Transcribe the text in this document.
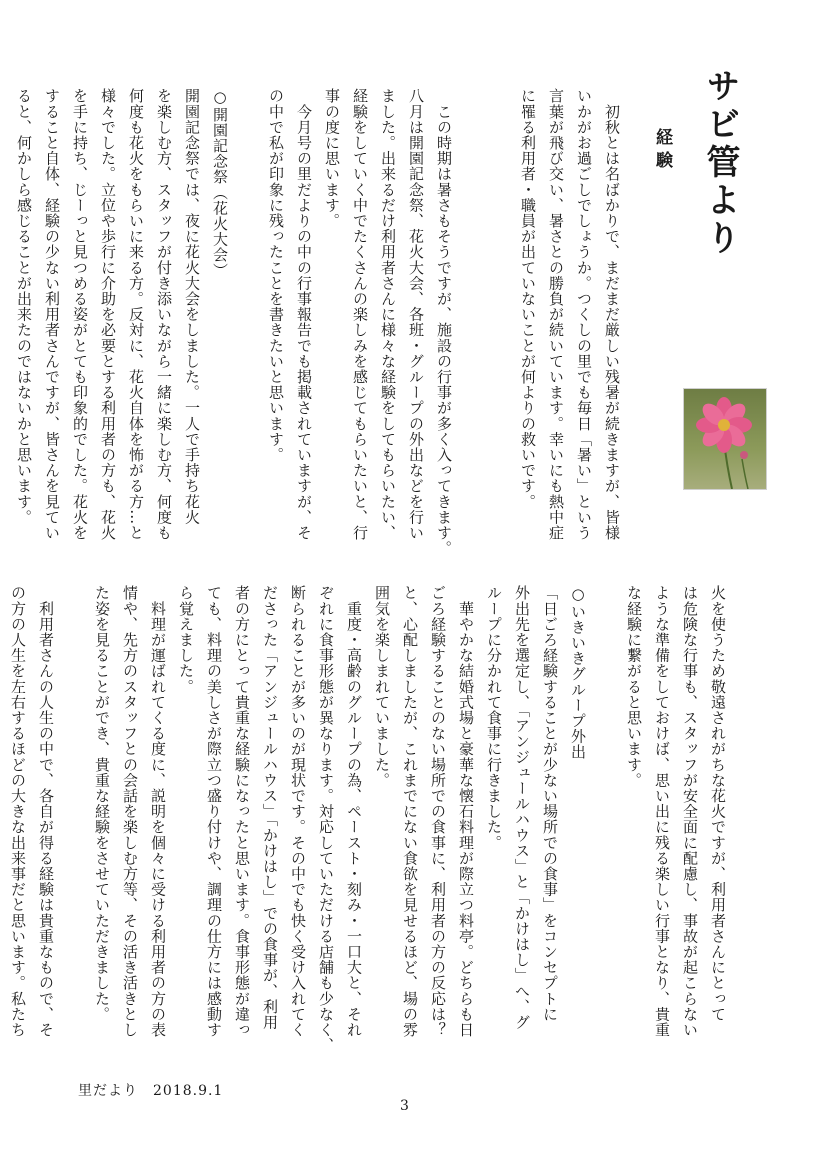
サビ管より
経験
　初秋とは名ばかりで、まだまだ厳しい残暑が続きますが、皆様
いかがお過ごしでしょうか。つくしの里でも毎日「暑い」という
言葉が飛び交い、暑さとの勝負が続いています。幸いにも熱中症
に罹る利用者・職員が出ていないことが何よりの救いです。

　この時期は暑さもそうですが、施設の行事が多く入ってきます。
八月は開園記念祭、花火大会、各班・グループの外出などを行い
ました。出来るだけ利用者さんに様々な経験をしてもらいたい、
経験をしていく中でたくさんの楽しみを感じてもらいたいと、行
事の度に思います。
　今月号の里だよりの中の行事報告でも掲載されていますが、そ
の中で私が印象に残ったことを書きたいと思います。

○開園記念祭（花火大会）
開園記念祭では、夜に花火大会をしました。一人で手持ち花火
を楽しむ方、スタッフが付き添いながら一緒に楽しむ方、何度も
何度も花火をもらいに来る方。反対に、花火自体を怖がる方…と
様々でした。立位や歩行に介助を必要とする利用者の方も、花火
を手に持ち、じーっと見つめる姿がとても印象的でした。花火を
すること自体、経験の少ない利用者さんですが、皆さんを見てい
ると、何かしら感じることが出来たのではないかと思います。
火を使うため敬遠されがちな花火ですが、利用者さんにとって
は危険な行事も、スタッフが安全面に配慮し、事故が起こらない
ような準備をしておけば、思い出に残る楽しい行事となり、貴重
な経験に繋がると思います。

○いきいきグループ外出
「日ごろ経験することが少ない場所での食事」をコンセプトに
外出先を選定し、「アンジュールハウス」と「かけはし」へ、グ
ループに分かれて食事に行きました。
　華やかな結婚式場と豪華な懐石料理が際立つ料亭。どちらも日
ごろ経験することのない場所での食事に、利用者の方の反応は？
と、心配しましたが、これまでにない食欲を見せるほど、場の雰
囲気を楽しまれていました。
　重度・高齢のグループの為、ペースト・刻み・一口大と、それ
ぞれに食事形態が異なります。対応していただける店舗も少なく、
断られることが多いのが現状です。その中でも快く受け入れてく
ださった「アンジュールハウス」「かけはし」での食事が、利用
者の方にとって貴重な経験になったと思います。食事形態が違っ
ても、料理の美しさが際立つ盛り付けや、調理の仕方には感動す
ら覚えました。
　料理が運ばれてくる度に、説明を個々に受ける利用者の方の表
情や、先方のスタッフとの会話を楽しむ方等、その活き活きとし
た姿を見ることができ、貴重な経験をさせていただきました。

　利用者さんの人生の中で、各自が得る経験は貴重なもので、そ
の方の人生を左右するほどの大きな出来事だと思います。私たち
里だより　2018.9.1
3
